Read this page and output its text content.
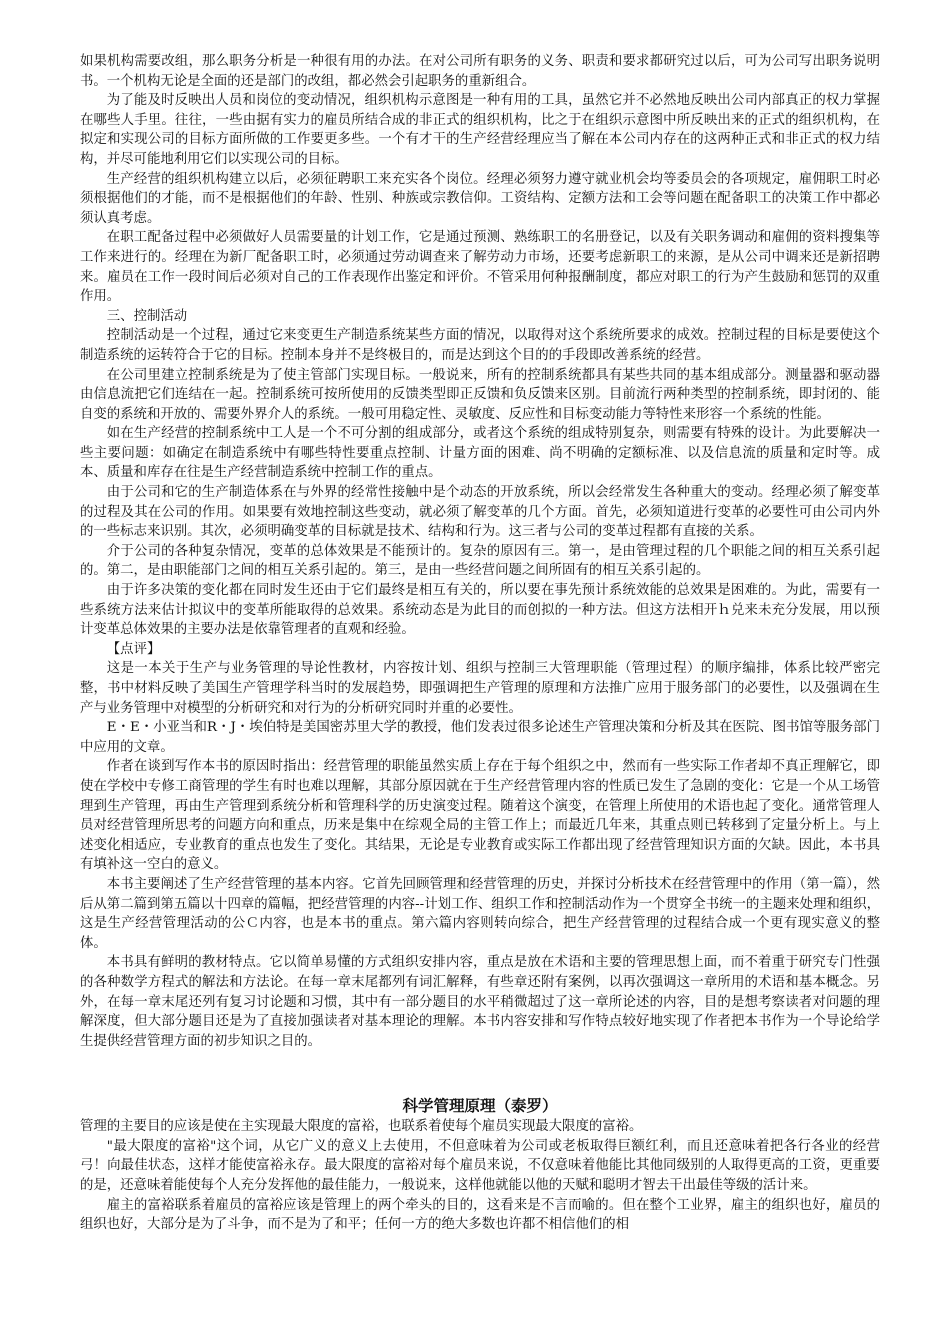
如果机构需要改组，那么职务分析是一种很有用的办法。在对公司所有职务的义务、职责和要求都研究过以后，可为公司写出职务说明书。一个机构无论是全面的还是部门的改组，都必然会引起职务的重新组合。

为了能及时反映出人员和岗位的变动情况，组织机构示意图是一种有用的工具，虽然它并不必然地反映出公司内部真正的权力掌握在哪些人手里。往往，一些由据有实力的雇员所结合成的非正式的组织机构，比之于在组织示意图中所反映出来的正式的组织机构，在拟定和实现公司的目标方面所做的工作要更多些。一个有才干的生产经营经理应当了解在本公司内存在的这两种正式和非正式的权力结构，并尽可能地利用它们以实现公司的目标。

生产经营的组织机构建立以后，必须征聘职工来充实各个岗位。经理必须努力遵守就业机会均等委员会的各项规定，雇佣职工时必须根据他们的才能，而不是根据他们的年龄、性别、种族或宗教信仰。工资结构、定额方法和工会等问题在配备职工的决策工作中都必须认真考虑。

在职工配备过程中必须做好人员需要量的计划工作，它是通过预测、熟练职工的名册登记，以及有关职务调动和雇佣的资料搜集等工作来进行的。经理在为新厂配备职工时，必须通过劳动调查来了解劳动力市场，还要考虑新职工的来源，是从公司中调来还是新招聘来。雇员在工作一段时间后必须对自己的工作表现作出鉴定和评价。不管采用何种报酬制度，都应对职工的行为产生鼓励和惩罚的双重作用。

三、控制活动

控制活动是一个过程，通过它来变更生产制造系统某些方面的情况，以取得对这个系统所要求的成效。控制过程的目标是要使这个制造系统的运转符合于它的目标。控制本身并不是终极目的，而是达到这个目的的手段即改善系统的经营。

在公司里建立控制系统是为了使主管部门实现目标。一般说来，所有的控制系统都具有某些共同的基本组成部分。测量器和驱动器由信息流把它们连结在一起。控制系统可按所使用的反馈类型即正反馈和负反馈来区别。目前流行两种类型的控制系统，即封闭的、能自变的系统和开放的、需要外界介人的系统。一般可用稳定性、灵敏度、反应性和目标变动能力等特性来形容一个系统的性能。

如在生产经营的控制系统中工人是一个不可分割的组成部分，或者这个系统的组成特别复杂，则需要有特殊的设计。为此要解决一些主要问题：如确定在制造系统中有哪些特性要重点控制、计量方面的困难、尚不明确的定额标准、以及信息流的质量和定时等。成本、质量和库存在往是生产经营制造系统中控制工作的重点。

由于公司和它的生产制造体系在与外界的经常性接触中是个动态的开放系统，所以会经常发生各种重大的变动。经理必须了解变革的过程及其在公司的作用。如果要有效地控制这些变动，就必须了解变革的几个方面。首先，必须知道进行变革的必要性可由公司内外的一些标志来识别。其次，必须明确变革的目标就是技术、结构和行为。这三者与公司的变革过程都有直接的关系。

介于公司的各种复杂情况，变革的总体效果是不能预计的。复杂的原因有三。第一，是由管理过程的几个职能之间的相互关系引起的。第二，是由职能部门之间的相互关系引起的。第三，是由一些经营问题之间所固有的相互关系引起的。

由于许多决策的变化都在同时发生还由于它们最终是相互有关的，所以要在事先预计系统效能的总效果是困难的。为此，需要有一些系统方法来估计拟议中的变革所能取得的总效果。系统动态是为此目的而创拟的一种方法。但这方法相开ｈ兑来未充分发展，用以预计变革总体效果的主要办法是依靠管理者的直观和经验。

【点评】

这是一本关于生产与业务管理的导论性教材，内容按计划、组织与控制三大管理职能（管理过程）的顺序编排，体系比较严密完整，书中材料反映了美国生产管理学科当时的发展趋势，即强调把生产管理的原理和方法推广应用于服务部门的必要性，以及强调在生产与业务管理中对模型的分析研究和对行为的分析研究同时并重的必要性。

E・E・小亚当和R・J・埃伯特是美国密苏里大学的教授，他们发表过很多论述生产管理决策和分析及其在医院、图书馆等服务部门中应用的文章。

作者在谈到写作本书的原因时指出：经营管理的职能虽然实质上存在于每个组织之中，然而有一些实际工作者却不真正理解它，即使在学校中专修工商管理的学生有时也难以理解，其部分原因就在于生产经营管理内容的性质已发生了急剧的变化：它是一个从工场管理到生产管理，再由生产管理到系统分析和管理科学的历史演变过程。随着这个演变，在管理上所使用的术语也起了变化。通常管理人员对经营管理所思考的问题方向和重点，历来是集中在综观全局的主管工作上；而最近几年来，其重点则已转移到了定量分析上。与上述变化相适应，专业教育的重点也发生了变化。其结果，无论是专业教育或实际工作都出现了经营管理知识方面的欠缺。因此，本书具有填补这一空白的意义。

本书主要阐述了生产经营管理的基本内容。它首先回顾管理和经营管理的历史，并探讨分析技术在经营管理中的作用（第一篇），然后从第二篇到第五篇以十四章的篇幅，把经营管理的内容--计划工作、组织工作和控制活动作为一个贯穿全书统一的主题来处理和组织，这是生产经营管理活动的公Ｃ内容，也是本书的重点。第六篇内容则转向综合，把生产经营管理的过程结合成一个更有现实意义的整体。

本书具有鲜明的教材特点。它以简单易懂的方式组织安排内容，重点是放在术语和主要的管理思想上面，而不着重于研究专门性强的各种数学方程式的解法和方法论。在每一章末尾都列有词汇解释，有些章还附有案例，以再次强调这一章所用的术语和基本概念。另外，在每一章末尾还列有复习讨论题和习惯，其中有一部分题目的水平稍微超过了这一章所论述的内容，目的是想考察读者对问题的理解深度，但大部分题目还是为了直接加强读者对基本理论的理解。本书内容安排和写作特点较好地实现了作者把本书作为一个导论给学生提供经营管理方面的初步知识之目的。

科学管理原理（泰罗）

管理的主要目的应该是使在主实现最大限度的富裕，也联系着使每个雇员实现最大限度的富裕。

"最大限度的富裕"这个词，从它广义的意义上去使用，不但意味着为公司或老板取得巨额红利，而且还意味着把各行各业的经营弓！向最佳状态，这样才能使富裕永存。最大限度的富裕对每个雇员来说，不仅意味着他能比其他同级别的人取得更高的工资，更重要的是，还意味着能使每个人充分发挥他的最佳能力，一般说来，这样他就能以他的天赋和聪明才智去干出最佳等级的活计来。

雇主的富裕联系着雇员的富裕应该是管理上的两个牵头的目的，这看来是不言而喻的。但在整个工业界，雇主的组织也好，雇员的组织也好，大部分是为了斗争，而不是为了和平；任何一方的绝大多数也许都不相信他们的相
